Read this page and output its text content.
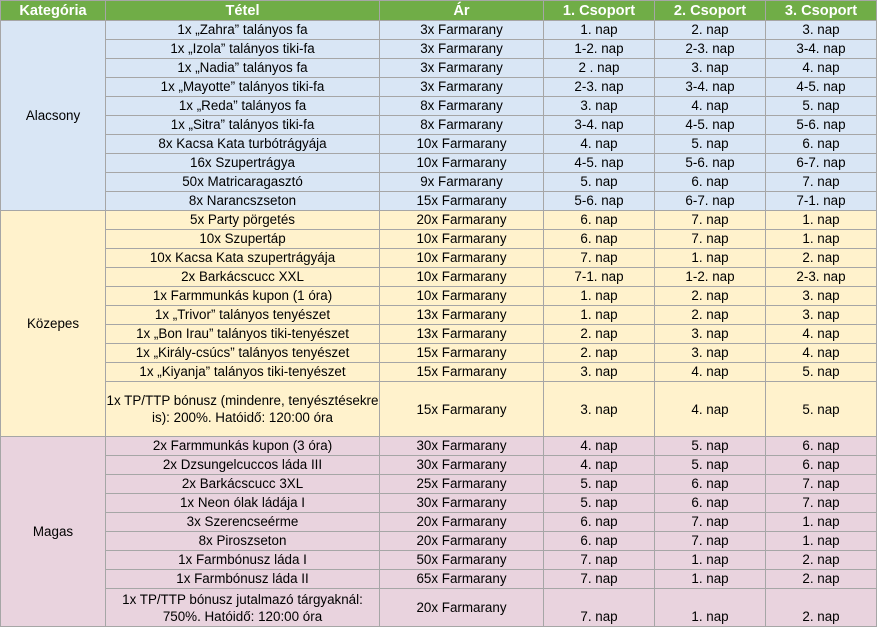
Kategória	Tétel	Ár	1. Csoport	2. Csoport	3. Csoport
Alacsony	1x „Zahra” talányos fa	3x Farmarany	1. nap	2. nap	3. nap
	1x „Izola” talányos tiki-fa	3x Farmarany	1-2. nap	2-3. nap	3-4. nap
	1x „Nadia” talányos fa	3x Farmarany	2 . nap	3. nap	4. nap
	1x „Mayotte” talányos tiki-fa	3x Farmarany	2-3. nap	3-4. nap	4-5. nap
	1x „Reda” talányos fa	8x Farmarany	3. nap	4. nap	5. nap
	1x „Sitra” talányos tiki-fa	8x Farmarany	3-4. nap	4-5. nap	5-6. nap
	8x Kacsa Kata turbótrágyája	10x Farmarany	4. nap	5. nap	6. nap
	16x Szupertrágya	10x Farmarany	4-5. nap	5-6. nap	6-7. nap
	50x Matricaragasztó	9x Farmarany	5. nap	6. nap	7. nap
	8x Narancszseton	15x Farmarany	5-6. nap	6-7. nap	7-1. nap
Közepes	5x Party pörgetés	20x Farmarany	6. nap	7. nap	1. nap
	10x Szupertáp	10x Farmarany	6. nap	7. nap	1. nap
	10x Kacsa Kata szupertrágyája	10x Farmarany	7. nap	1. nap	2. nap
	2x Barkácscucc XXL	10x Farmarany	7-1. nap	1-2. nap	2-3. nap
	1x Farmmunkás kupon (1 óra)	10x Farmarany	1. nap	2. nap	3. nap
	1x „Trivor” talányos tenyészet	13x Farmarany	1. nap	2. nap	3. nap
	1x „Bon Irau” talányos tiki-tenyészet	13x Farmarany	2. nap	3. nap	4. nap
	1x „Király-csúcs” talányos tenyészet	15x Farmarany	2. nap	3. nap	4. nap
	1x „Kiyanja” talányos tiki-tenyészet	15x Farmarany	3. nap	4. nap	5. nap
	1x TP/TTP bónusz (mindenre, tenyésztésekre is): 200%. Hatóidő: 120:00 óra	15x Farmarany	3. nap	4. nap	5. nap
Magas	2x Farmmunkás kupon (3 óra)	30x Farmarany	4. nap	5. nap	6. nap
	2x Dzsungelcuccos láda III	30x Farmarany	4. nap	5. nap	6. nap
	2x Barkácscucc 3XL	25x Farmarany	5. nap	6. nap	7. nap
	1x Neon ólak ládája I	30x Farmarany	5. nap	6. nap	7. nap
	3x Szerencseérme	20x Farmarany	6. nap	7. nap	1. nap
	8x Piroszseton	20x Farmarany	6. nap	7. nap	1. nap
	1x Farmbónusz láda I	50x Farmarany	7. nap	1. nap	2. nap
	1x Farmbónusz láda II	65x Farmarany	7. nap	1. nap	2. nap
	1x TP/TTP bónusz jutalmazó tárgyaknál: 750%. Hatóidő: 120:00 óra	20x Farmarany	7. nap	1. nap	2. nap
